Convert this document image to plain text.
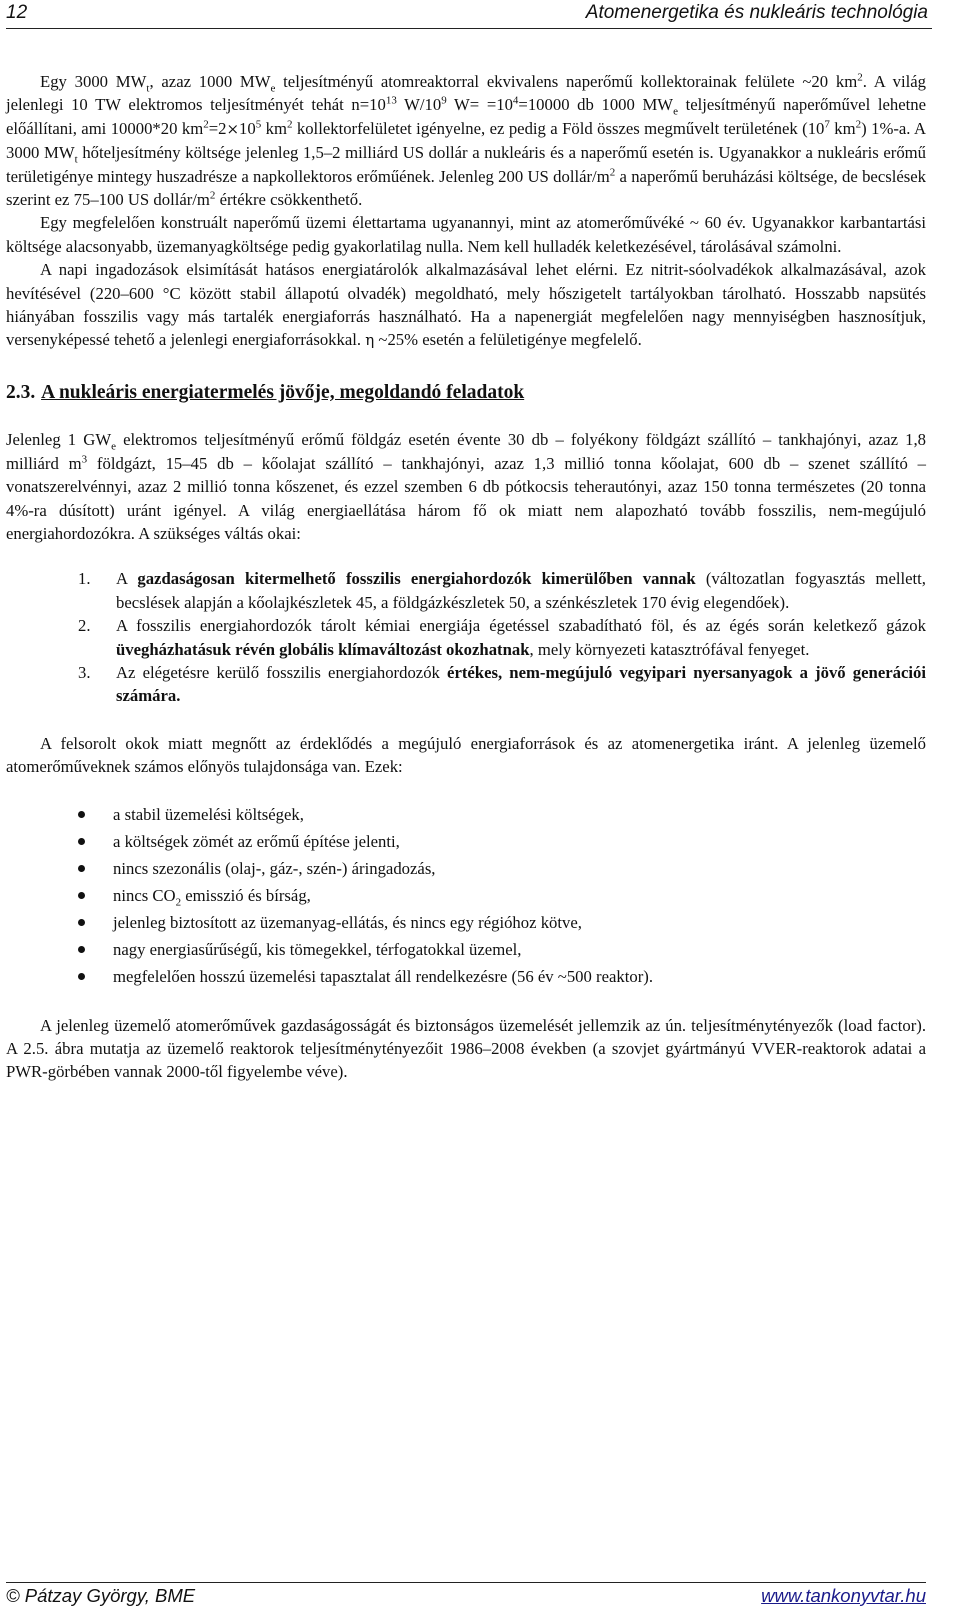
12	Atomenergetika és nukleáris technológia

Egy 3000 $MW_t$, azaz 1000 $MW_e$ teljesítményű atomreaktorral ekvivalens naperőmű kollektorainak felülete ~20 $km^2$. A világ jelenlegi 10 TW elektromos teljesítményét tehát $n=10^{13}$ $W/10^9$ $W= =10^4=10000$ db 1000 $MW_e$ teljesítményű naperőművel lehetne előállítani, ami 10000*20 $km^2=2\times 10^5$ $km^2$ kollektorfelületet igényelne, ez pedig a Föld összes megművelt területének ($10^7$ $km^2$) 1%-a. A 3000 $MW_t$ hőteljesítmény költsége jelenleg 1,5–2 milliárd US dollár a nukleáris és a naperőmű esetén is. Ugyanakkor a nukleáris erőmű területigénye mintegy huszadrésze a napkollektoros erőműének. Jelenleg 200 US dollár/$m^2$ a naperőmű beruházási költsége, de becslések szerint ez 75–100 US dollár/$m^2$ értékre csökkenthető.

Egy megfelelően konstruált naperőmű üzemi élettartama ugyanannyi, mint az atomerőművéké ~ 60 év. Ugyanakkor karbantartási költsége alacsonyabb, üzemanyagköltsége pedig gyakorlatilag nulla. Nem kell hulladék keletkezésével, tárolásával számolni.

A napi ingadozások elsimítását hatásos energiatárolók alkalmazásával lehet elérni. Ez nitrit-sóolvadékok alkalmazásával, azok hevítésével (220–600 °C között stabil állapotú olvadék) megoldható, mely hőszigetelt tartályokban tárolható. Hosszabb napsütés hiányában fosszilis vagy más tartalék energiaforrás használható. Ha a napenergiát megfelelően nagy mennyiségben hasznosítjuk, versenyképessé tehető a jelenlegi energiaforrásokkal. η ~25% esetén a felületigénye megfelelő.

2.3. A nukleáris energiatermelés jövője, megoldandó feladatok

Jelenleg 1 $GW_e$ elektromos teljesítményű erőmű földgáz esetén évente 30 db – folyékony földgázt szállító – tankhajónyi, azaz 1,8 milliárd $m^3$ földgázt, 15–45 db – kőolajat szállító – tankhajónyi, azaz 1,3 millió tonna kőolajat, 600 db – szenet szállító – vonatszerelvénnyi, azaz 2 millió tonna kőszenet, és ezzel szemben 6 db pótkocsis teherautónyi, azaz 150 tonna természetes (20 tonna 4%-ra dúsított) uránt igényel. A világ energiaellátása három fő ok miatt nem alapozható tovább fosszilis, nem-megújuló energiahordozókra. A szükséges váltás okai:

1. A gazdaságosan kitermelhető fosszilis energiahordozók kimerülőben vannak (változatlan fogyasztás mellett, becslések alapján a kőolajkészletek 45, a földgázkészletek 50, a szénkészletek 170 évig elegendőek).
2. A fosszilis energiahordozók tárolt kémiai energiája égetéssel szabadítható föl, és az égés során keletkező gázok üvegházhatásuk révén globális klímaváltozást okozhatnak, mely környezeti katasztrófával fenyeget.
3. Az elégetésre kerülő fosszilis energiahordozók értékes, nem-megújuló vegyipari nyersanyagok a jövő generációi számára.

A felsorolt okok miatt megnőtt az érdeklődés a megújuló energiaforrások és az atomenergetika iránt. A jelenleg üzemelő atomerőműveknek számos előnyös tulajdonsága van. Ezek:

a stabil üzemelési költségek,
a költségek zömét az erőmű építése jelenti,
nincs szezonális (olaj-, gáz-, szén-) áringadozás,
nincs $CO_2$ emisszió és bírság,
jelenleg biztosított az üzemanyag-ellátás, és nincs egy régióhoz kötve,
nagy energiasűrűségű, kis tömegekkel, térfogatokkal üzemel,
megfelelően hosszú üzemelési tapasztalat áll rendelkezésre (56 év ~500 reaktor).

A jelenleg üzemelő atomerőművek gazdaságosságát és biztonságos üzemelését jellemzik az ún. teljesítménytényezők (load factor). A 2.5. ábra mutatja az üzemelő reaktorok teljesítménytényezőit 1986–2008 években (a szovjet gyártmányú VVER-reaktorok adatai a PWR-görbében vannak 2000-től figyelembe véve).

© Pátzay György, BME	www.tankonyvtar.hu
